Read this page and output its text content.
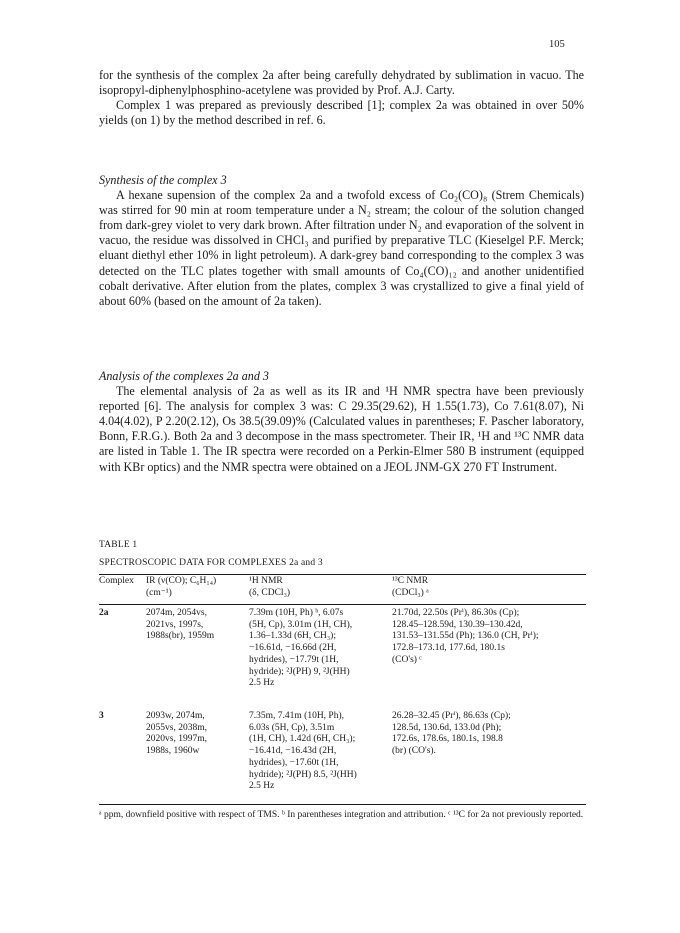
105

for the synthesis of the complex 2a after being carefully dehydrated by sublimation in vacuo. The isopropyl-diphenylphosphino-acetylene was provided by Prof. A.J. Carty.

Complex 1 was prepared as previously described [1]; complex 2a was obtained in over 50% yields (on 1) by the method described in ref. 6.

Synthesis of the complex 3

A hexane supension of the complex 2a and a twofold excess of Co₂(CO)₈ (Strem Chemicals) was stirred for 90 min at room temperature under a N₂ stream; the colour of the solution changed from dark-grey violet to very dark brown. After filtration under N₂ and evaporation of the solvent in vacuo, the residue was dissolved in CHCl₃ and purified by preparative TLC (Kieselgel P.F. Merck; eluant diethyl ether 10% in light petroleum). A dark-grey band corresponding to the complex 3 was detected on the TLC plates together with small amounts of Co₄(CO)₁₂ and another unidentified cobalt derivative. After elution from the plates, complex 3 was crystallized to give a final yield of about 60% (based on the amount of 2a taken).

Analysis of the complexes 2a and 3

The elemental analysis of 2a as well as its IR and ¹H NMR spectra have been previously reported [6]. The analysis for complex 3 was: C 29.35(29.62), H 1.55(1.73), Co 7.61(8.07), Ni 4.04(4.02), P 2.20(2.12), Os 38.5(39.09)% (Calculated values in parentheses; F. Pascher laboratory, Bonn, F.R.G.). Both 2a and 3 decompose in the mass spectrometer. Their IR, ¹H and ¹³C NMR data are listed in Table 1. The IR spectra were recorded on a Perkin-Elmer 580 B instrument (equipped with KBr optics) and the NMR spectra were obtained on a JEOL JNM-GX 270 FT Instrument.

TABLE 1
SPECTROSCOPIC DATA FOR COMPLEXES 2a and 3
Complex IR (ν(CO); C₆H₁₄)
(cm⁻¹)
¹H NMR
(δ, CDCl₃)
¹³C NMR
(CDCl₃) ᵃ
2a	2074m, 2054vs,
2021vs, 1997s,
1988s(br), 1959m
7.39m (10H, Ph) ᵇ, 6.07s
(5H, Cp), 3.01m (1H, CH),
1.36–1.33d (6H, CH₃);
−16.61d, −16.66d (2H,
hydrides), −17.79t (1H,
hydride); ²J(PH) 9, ²J(HH)
2.5 Hz
21.70d, 22.50s (Prⁱ), 86.30s (Cp);
128.45–128.59d, 130.39–130.42d,
131.53–131.55d (Ph); 136.0 (CH, Prⁱ);
172.8–173.1d, 177.6d, 180.1s
(CO's) ᶜ
3	2093w, 2074m,
2055vs, 2038m,
2020vs, 1997m,
1988s, 1960w
7.35m, 7.41m (10H, Ph),
6.03s (5H, Cp), 3.51m
(1H, CH), 1.42d (6H, CH₃);
−16.41d, −16.43d (2H,
hydrides), −17.60t (1H,
hydride); ²J(PH) 8.5, ²J(HH)
2.5 Hz
26.28–32.45 (Prⁱ), 86.63s (Cp);
128.5d, 130.6d, 133.0d (Ph);
172.6s, 178.6s, 180.1s, 198.8
(br) (CO's).

ᵃ ppm, downfield positive with respect of TMS. ᵇ In parentheses integration and attribution. ᶜ ¹³C for 2a not previously reported.
